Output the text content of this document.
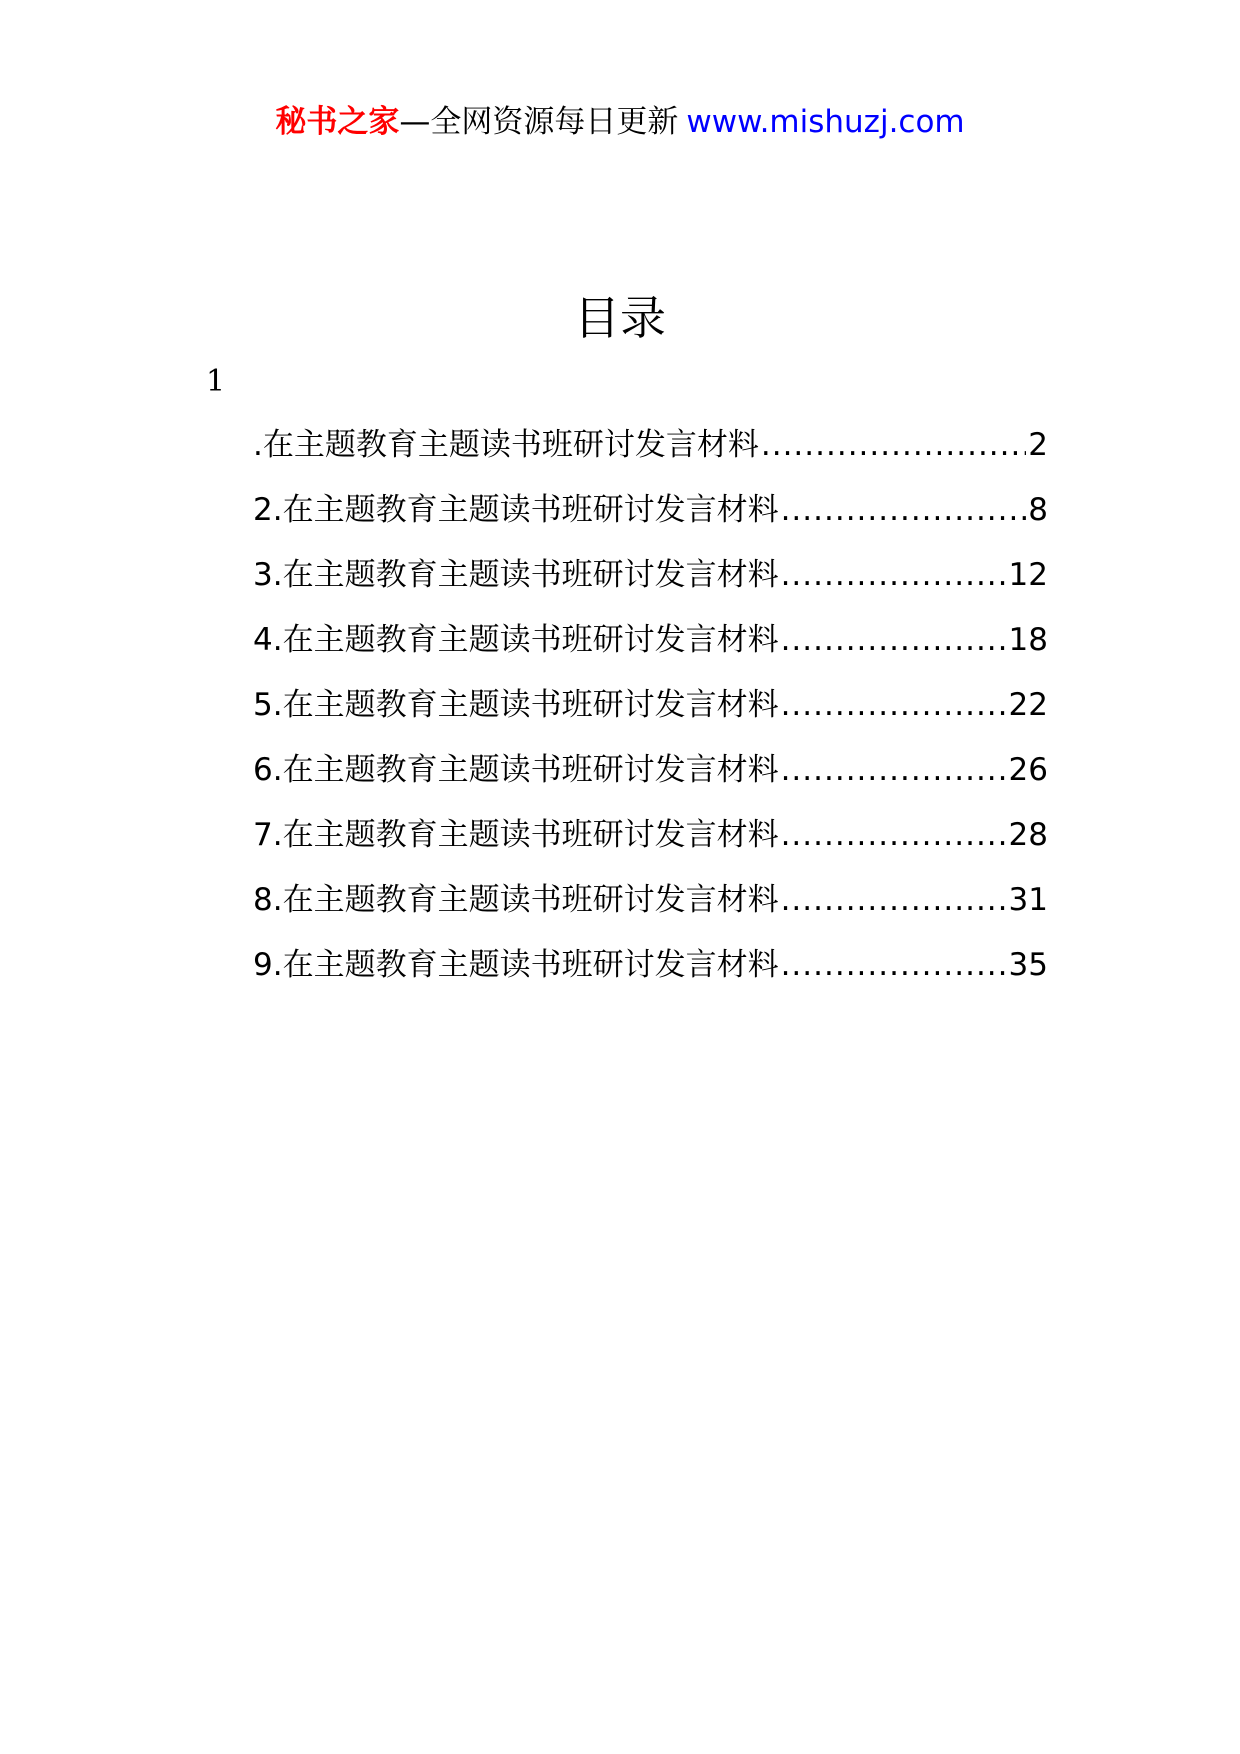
秘书之家—全网资源每日更新 www.mishuzj.com
目录
1
.在主题教育主题读书班研讨发言材料 .....	2
2.在主题教育主题读书班研讨发言材料 .....	8
3.在主题教育主题读书班研讨发言材料 .....	12
4.在主题教育主题读书班研讨发言材料 .....	18
5.在主题教育主题读书班研讨发言材料 .....	22
6.在主题教育主题读书班研讨发言材料 .....	26
7.在主题教育主题读书班研讨发言材料 .....	28
8.在主题教育主题读书班研讨发言材料 .....	31
9.在主题教育主题读书班研讨发言材料 .....	35
